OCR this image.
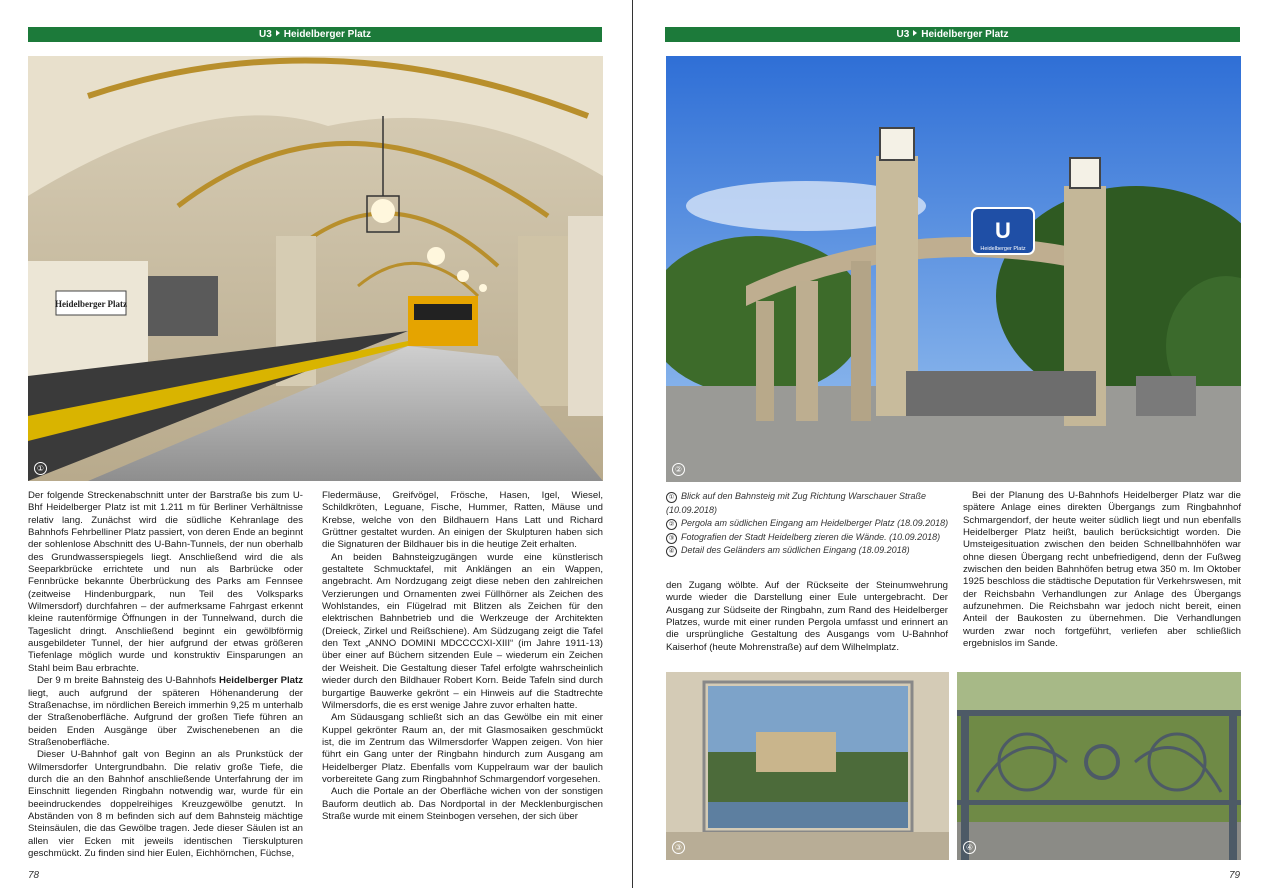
U3 Heidelberger Platz
Heidelberger Platz
①

Der folgende Streckenabschnitt unter der Barstraße bis zum U-Bhf Heidelberger Platz ist mit 1.211 m für Berliner Verhältnisse relativ lang. Zunächst wird die südliche Kehranlage des Bahnhofs Fehrbelliner Platz passiert, von deren Ende an beginnt der sohlenlose Abschnitt des U-Bahn-Tunnels, der nun oberhalb des Grundwasserspiegels liegt. Anschließend wird die als Seeparkbrücke errichtete und nun als Barbrücke oder Fennbrücke bekannte Überbrückung des Parks am Fennsee (zeitweise Hindenburgpark, nun Teil des Volksparks Wilmersdorf) durchfahren – der aufmerksame Fahrgast erkennt kleine rautenförmige Öffnungen in der Tunnelwand, durch die Tageslicht dringt. Anschließend beginnt ein gewölbförmig ausgebildeter Tunnel, der hier aufgrund der etwas größeren Tiefenlage möglich wurde und konstruktiv Einsparungen an Stahl beim Bau erbrachte.

Der 9 m breite Bahnsteig des U-Bahnhofs Heidelberger Platz liegt, auch aufgrund der späteren Höhenanderung der Straßenachse, im nördlichen Bereich immerhin 9,25 m unterhalb der Straßenoberfläche. Aufgrund der großen Tiefe führen an beiden Enden Ausgänge über Zwischenebenen an die Straßenoberfläche.

Dieser U-Bahnhof galt von Beginn an als Prunkstück der Wilmersdorfer Untergrundbahn. Die relativ große Tiefe, die durch die an den Bahnhof anschließende Unterfahrung der im Einschnitt liegenden Ringbahn notwendig war, wurde für ein beeindruckendes doppelreihiges Kreuzgewölbe genutzt. In Abständen von 8 m befinden sich auf dem Bahnsteig mächtige Steinsäulen, die das Gewölbe tragen. Jede dieser Säulen ist an allen vier Ecken mit jeweils identischen Tierskulpturen geschmückt. Zu finden sind hier Eulen, Eichhörnchen, Füchse,

Fledermäuse, Greifvögel, Frösche, Hasen, Igel, Wiesel, Schildkröten, Leguane, Fische, Hummer, Ratten, Mäuse und Krebse, welche von den Bildhauern Hans Latt und Richard Grüttner gestaltet wurden. An einigen der Skulpturen haben sich die Signaturen der Bildhauer bis in die heutige Zeit erhalten.

An beiden Bahnsteigzugängen wurde eine künstlerisch gestaltete Schmucktafel, mit Anklängen an ein Wappen, angebracht. Am Nordzugang zeigt diese neben den zahlreichen Verzierungen und Ornamenten zwei Füllhörner als Zeichen des Wohlstandes, ein Flügelrad mit Blitzen als Zeichen für den elektrischen Bahnbetrieb und die Werkzeuge der Architekten (Dreieck, Zirkel und Reißschiene). Am Südzugang zeigt die Tafel den Text „ANNO DOMINI MDCCCCXI-XIII“ (im Jahre 1911-13) über einer auf Büchern sitzenden Eule – wiederum ein Zeichen der Weisheit. Die Gestaltung dieser Tafel erfolgte wahrscheinlich wieder durch den Bildhauer Robert Korn. Beide Tafeln sind durch burgartige Bauwerke gekrönt – ein Hinweis auf die Stadtrechte Wilmersdorfs, die es erst wenige Jahre zuvor erhalten hatte.

Am Südausgang schließt sich an das Gewölbe ein mit einer Kuppel gekrönter Raum an, der mit Glasmosaiken geschmückt ist, die im Zentrum das Wilmersdorfer Wappen zeigen. Von hier führt ein Gang unter der Ringbahn hindurch zum Ausgang am Heidelberger Platz. Ebenfalls vom Kuppelraum war der baulich vorbereitete Gang zum Ringbahnhof Schmargendorf vorgesehen.

Auch die Portale an der Oberfläche wichen von der sonstigen Bauform deutlich ab. Das Nordportal in der Mecklenburgischen Straße wurde mit einem Steinbogen versehen, der sich über

78
U3 Heidelberger Platz
U
Heidelberger Platz
②
① Blick auf den Bahnsteig mit Zug Richtung Warschauer Straße (10.09.2018)
② Pergola am südlichen Eingang am Heidelberger Platz (18.09.2018)
③ Fotografien der Stadt Heidelberg zieren die Wände. (10.09.2018)
④ Detail des Geländers am südlichen Eingang (18.09.2018)

den Zugang wölbte. Auf der Rückseite der Steinumwehrung wurde wieder die Darstellung einer Eule untergebracht. Der Ausgang zur Südseite der Ringbahn, zum Rand des Heidelberger Platzes, wurde mit einer runden Pergola umfasst und erinnert an die ursprüngliche Gestaltung des Ausgangs vom U-Bahnhof Kaiserhof (heute Mohrenstraße) auf dem Wilhelmplatz.

Bei der Planung des U-Bahnhofs Heidelberger Platz war die spätere Anlage eines direkten Übergangs zum Ringbahnhof Schmargendorf, der heute weiter südlich liegt und nun ebenfalls Heidelberger Platz heißt, baulich berücksichtigt worden. Die Umsteigesituation zwischen den beiden Schnellbahnhöfen war ohne diesen Übergang recht unbefriedigend, denn der Fußweg zwischen den beiden Bahnhöfen betrug etwa 350 m. Im Oktober 1925 beschloss die städtische Deputation für Verkehrswesen, mit der Reichsbahn Verhandlungen zur Anlage des Übergangs aufzunehmen. Die Reichsbahn war jedoch nicht bereit, einen Anteil der Baukosten zu übernehmen. Die Verhandlungen wurden zwar noch fortgeführt, verliefen aber schließlich ergebnislos im Sande.

③	④
79
